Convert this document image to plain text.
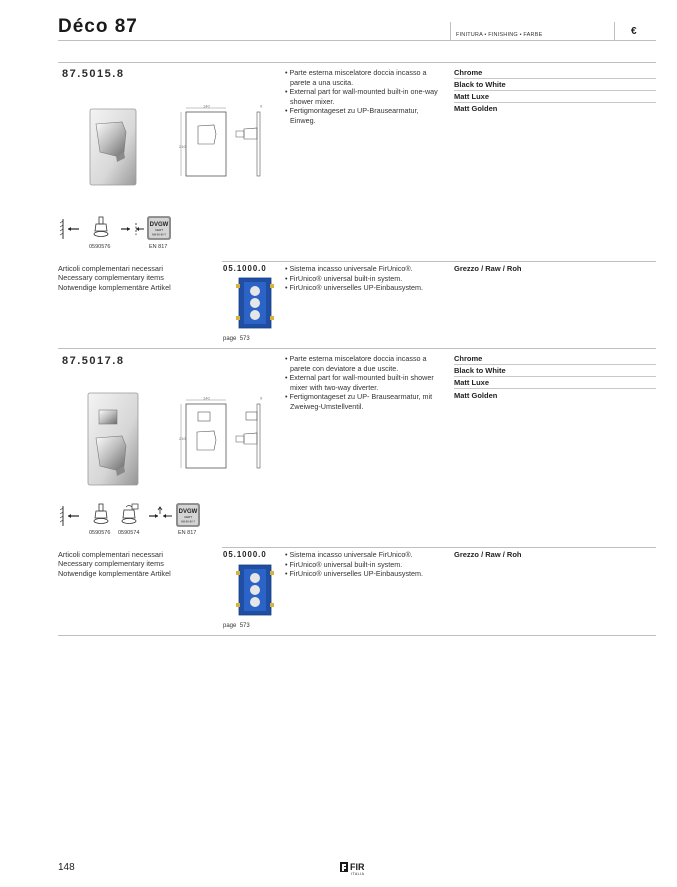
Déco 87	FINITURA • FINISHING • FARBE	€
87.5015.8
210
140	9
• Parte esterna miscelatore doccia incasso a parete a una uscita.
• External part for wall-mounted built-in one-way shower mixer.
• Fertigmontageset zu UP-Brausearmatur, Einweg.
Chrome
Black to White
Matt Luxe
Matt Golden
0590576
DVGW
CERT
NW-9X-9X-7
EN 817
Articoli complementari necessari
Necessary complementary items
Notwendige komplementäre Artikel
05.1000.0
page 573
• Sistema incasso universale FirUnico®.
• FirUnico® universal built-in system.
• FirUnico® universelles UP-Einbausystem.
Grezzo / Raw / Roh
87.5017.8
210
140	9
• Parte esterna miscelatore doccia incasso a parete con deviatore a due uscite.
• External part for wall-mounted built-in shower mixer with two-way diverter.
• Fertigmontageset zu UP- Brausearmatur, mit Zweiweg-Umstellventil.
Chrome
Black to White
Matt Luxe
Matt Golden
0590576 0590574
DVGW
CERT
NW-9X-9X-7
EN 817
Articoli complementari necessari
Necessary complementary items
Notwendige komplementäre Artikel
05.1000.0
page 573
• Sistema incasso universale FirUnico®.
• FirUnico® universal built-in system.
• FirUnico® universelles UP-Einbausystem.
Grezzo / Raw / Roh
148	FIR
ITALIA
